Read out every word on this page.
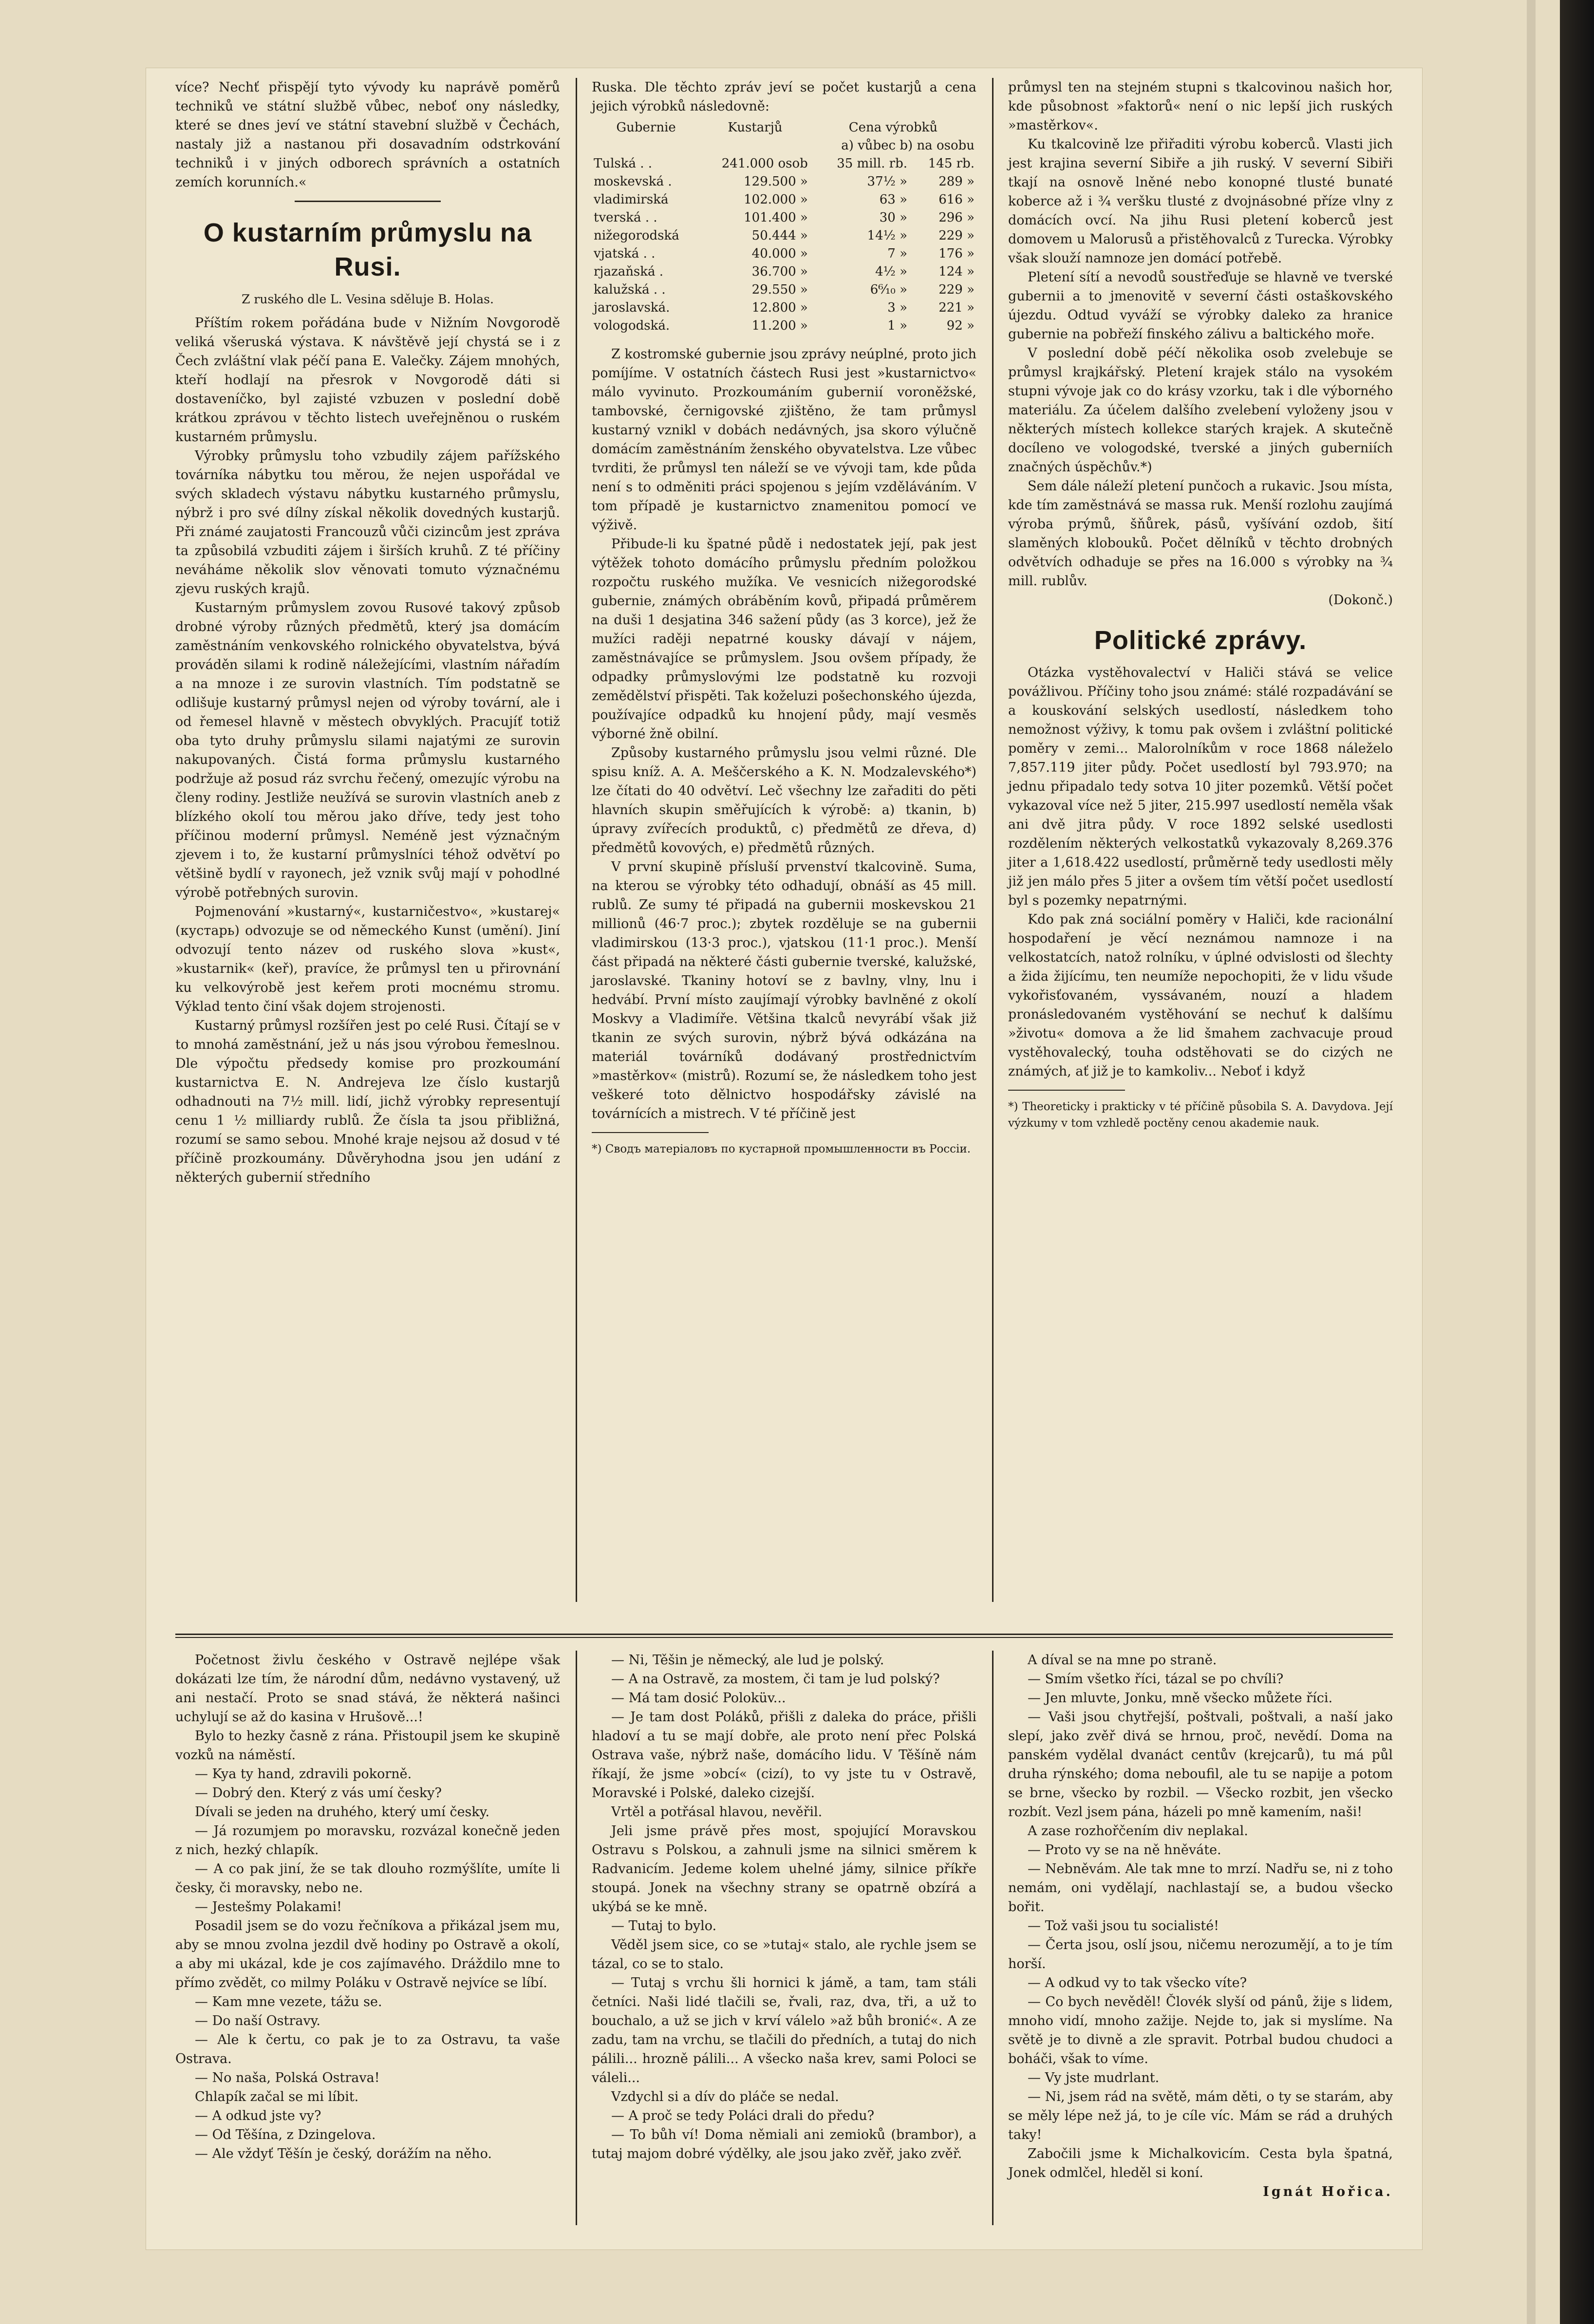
více? Nechť přispějí tyto vývody ku naprávě poměrů techniků ve státní službě vůbec, neboť ony následky, které se dnes jeví ve státní stavební službě v Čechách, nastaly již a nastanou při dosavadním odstrkování techniků i v jiných odborech správních a ostatních zemích korunních.«

O kustarním průmyslu na Rusi.
Z ruského dle L. Vesina sděluje B. Holas.

Příštím rokem pořádána bude v Nižním Novgorodě veliká všeruská výstava. K návštěvě její chystá se i z Čech zvláštní vlak péčí pana E. Valečky. Zájem mnohých, kteří hodlají na přesrok v Novgorodě dáti si dostaveníčko, byl zajisté vzbuzen v poslední době krátkou zprávou v těchto listech uveřejněnou o ruském kustarném průmyslu.

Výrobky průmyslu toho vzbudily zájem pařížského továrníka nábytku tou měrou, že nejen uspořádal ve svých skladech výstavu nábytku kustarného průmyslu, nýbrž i pro své dílny získal několik dovedných kustarjů. Při známé zaujatosti Francouzů vůči cizincům jest zpráva ta způsobilá vzbuditi zájem i širších kruhů. Z té příčiny neváháme několik slov věnovati tomuto význačnému zjevu ruských krajů.

Kustarným průmyslem zovou Rusové takový způsob drobné výroby různých předmětů, který jsa domácím zaměstnáním venkovského rolnického obyvatelstva, bývá prováděn silami k rodině náležejícími, vlastním nářadím a na mnoze i ze surovin vlastních. Tím podstatně se odlišuje kustarný průmysl nejen od výroby tovární, ale i od řemesel hlavně v městech obvyklých. Pracujíť totiž oba tyto druhy průmyslu silami najatými ze surovin nakupovaných. Čistá forma průmyslu kustarného podržuje až posud ráz svrchu řečený, omezujíc výrobu na členy rodiny. Jestliže neužívá se surovin vlastních aneb z blízkého okolí tou měrou jako dříve, tedy jest toho příčinou moderní průmysl. Neméně jest význačným zjevem i to, že kustarní průmyslníci téhož odvětví po většině bydlí v rayonech, jež vznik svůj mají v pohodlné výrobě potřebných surovin.

Pojmenování »kustarný«, kustarničestvo«, »kustarej« (кустарь) odvozuje se od německého Kunst (umění). Jiní odvozují tento název od ruského slova »kust«, »kustarnik« (keř), pravíce, že průmysl ten u přirovnání ku velkovýrobě jest keřem proti mocnému stromu. Výklad tento činí však dojem strojenosti.

Kustarný průmysl rozšířen jest po celé Rusi. Čítají se v to mnohá zaměstnání, jež u nás jsou výrobou řemeslnou. Dle výpočtu předsedy komise pro prozkoumání kustarnictva E. N. Andrejeva lze číslo kustarjů odhadnouti na 7½ mill. lidí, jichž výrobky representují cenu 1 ½ milliardy rublů. Že čísla ta jsou přibližná, rozumí se samo sebou. Mnohé kraje nejsou až dosud v té příčině prozkoumány. Důvěryhodna jsou jen udání z některých gubernií středního

Ruska. Dle těchto zpráv jeví se počet kustarjů a cena jejich výrobků následovně:

Gubernie	Kustarjů	Cena výrobků	
		a) vůbec b) na osobu	
Tulská . .	241.000 osob	35 mill. rb.	145 rb.
moskevská .	129.500 »	37½ »	289 »
vladimirská	102.000 »	63 »	616 »
tverská . .	101.400 »	30 »	296 »
nižegorodská	50.444 »	14½ »	229 »
vjatská . .	40.000 »	7 »	176 »
rjazaňská .	36.700 »	4½ »	124 »
kalužská . .	29.550 »	6⁶⁄₁₀ »	229 »
jaroslavská.	12.800 »	3 »	221 »
vologodská.	11.200 »	1 »	92 »

Z kostromské gubernie jsou zprávy neúplné, proto jich pomíjíme. V ostatních částech Rusi jest »kustarnictvo« málo vyvinuto. Prozkoumáním gubernií voroněžské, tambovské, černigovské zjištěno, že tam průmysl kustarný vznikl v dobách nedávných, jsa skoro výlučně domácím zaměstnáním ženského obyvatelstva. Lze vůbec tvrditi, že průmysl ten náleží se ve vývoji tam, kde půda není s to odměniti práci spojenou s jejím vzděláváním. V tom případě je kustarnictvo znamenitou pomocí ve výživě.

Přibude-li ku špatné půdě i nedostatek její, pak jest výtěžek tohoto domácího průmyslu předním položkou rozpočtu ruského mužíka. Ve vesnicích nižegorodské gubernie, známých obráběním kovů, připadá průměrem na duši 1 desjatina 346 sažení půdy (as 3 korce), jež že mužíci raději nepatrné kousky dávají v nájem, zaměstnávajíce se průmyslem. Jsou ovšem případy, že odpadky průmyslovými lze podstatně ku rozvoji zemědělství přispěti. Tak koželuzi pošechonského újezda, používajíce odpadků ku hnojení půdy, mají vesměs výborné žně obilní.

Způsoby kustarného průmyslu jsou velmi různé. Dle spisu kníž. A. A. Meščerského a K. N. Modzalevského*) lze čítati do 40 odvětví. Leč všechny lze zařaditi do pěti hlavních skupin směřujících k výrobě: a) tkanin, b) úpravy zvířecích produktů, c) předmětů ze dřeva, d) předmětů kovových, e) předmětů různých.

V první skupině přísluší prvenství tkalcovině. Suma, na kterou se výrobky této odhadují, obnáší as 45 mill. rublů. Ze sumy té připadá na gubernii moskevskou 21 millionů (46·7 proc.); zbytek rozděluje se na gubernii vladimirskou (13·3 proc.), vjatskou (11·1 proc.). Menší část připadá na některé části gubernie tverské, kalužské, jaroslavské. Tkaniny hotoví se z bavlny, vlny, lnu i hedvábí. První místo zaujímají výrobky bavlněné z okolí Moskvy a Vladimíře. Většina tkalců nevyrábí však již tkanin ze svých surovin, nýbrž bývá odkázána na materiál továrníků dodávaný prostřednictvím »mastěrkov« (mistrů). Rozumí se, že následkem toho jest veškeré toto dělnictvo hospodářsky závislé na továrnících a mistrech. V té příčině jest

*) Сводъ матеріаловъ по кустарной промышленности въ Россіи.

průmysl ten na stejném stupni s tkalcovinou našich hor, kde působnost »faktorů« není o nic lepší jich ruských »mastěrkov«.

Ku tkalcovině lze přiřaditi výrobu koberců. Vlasti jich jest krajina severní Sibiře a jih ruský. V severní Sibiři tkají na osnově lněné nebo konopné tlusté bunaté koberce až i ¾ veršku tlusté z dvojnásobné příze vlny z domácích ovcí. Na jihu Rusi pletení koberců jest domovem u Malorusů a přistěhovalců z Turecka. Výrobky však slouží namnoze jen domácí potřebě.

Pletení sítí a nevodů soustřeďuje se hlavně ve tverské gubernii a to jmenovitě v severní části ostaškovského újezdu. Odtud vyváží se výrobky daleko za hranice gubernie na pobřeží finského zálivu a baltického moře.

V poslední době péčí několika osob zvelebuje se průmysl krajkářský. Pletení krajek stálo na vysokém stupni vývoje jak co do krásy vzorku, tak i dle výborného materiálu. Za účelem dalšího zvelebení vyloženy jsou v některých místech kollekce starých krajek. A skutečně docíleno ve vologodské, tverské a jiných guberniích značných úspěchův.*)

Sem dále náleží pletení punčoch a rukavic. Jsou místa, kde tím zaměstnává se massa ruk. Menší rozlohu zaujímá výroba prýmů, šňůrek, pásů, vyšívání ozdob, šití slaměných klobouků. Počet dělníků v těchto drobných odvětvích odhaduje se přes na 16.000 s výrobky na ¾ mill. rublův.

(Dokonč.)
Politické zprávy.

Otázka vystěhovalectví v Haliči stává se velice povážlivou. Příčiny toho jsou známé: stálé rozpadávání se a kouskování selských usedlostí, následkem toho nemožnost výživy, k tomu pak ovšem i zvláštní politické poměry v zemi... Malorolníkům v roce 1868 náleželo 7,857.119 jiter půdy. Počet usedlostí byl 793.970; na jednu připadalo tedy sotva 10 jiter pozemků. Větší počet vykazoval více než 5 jiter, 215.997 usedlostí neměla však ani dvě jitra půdy. V roce 1892 selské usedlosti rozdělením některých velkostatků vykazovaly 8,269.376 jiter a 1,618.422 usedlostí, průměrně tedy usedlosti měly již jen málo přes 5 jiter a ovšem tím větší počet usedlostí byl s pozemky nepatrnými.

Kdo pak zná sociální poměry v Haliči, kde racionální hospodaření je věcí neznámou namnoze i na velkostatcích, natož rolníku, v úplné odvislosti od šlechty a žida žijícímu, ten neumíže nepochopiti, že v lidu všude vykořisťovaném, vyssávaném, nouzí a hladem pronásledovaném vystěhování se nechuť k dalšímu »životu« domova a že lid šmahem zachvacuje proud vystěhovalecký, touha odstěhovati se do cizých ne známých, ať již je to kamkoliv... Neboť i když

*) Theoreticky i prakticky v té příčině působila S. A. Davydova. Její výzkumy v tom vzhledě poctěny cenou akademie nauk.

Početnost živlu českého v Ostravě nejlépe však dokázati lze tím, že národní dům, nedávno vystavený, už ani nestačí. Proto se snad stává, že některá našinci uchylují se až do kasina v Hrušově...!

Bylo to hezky časně z rána. Přistoupil jsem ke skupině vozků na náměstí.

— Kya ty hand, zdravili pokorně.

— Dobrý den. Který z vás umí česky?

Dívali se jeden na druhého, který umí česky.

— Já rozumjem po moravsku, rozvázal konečně jeden z nich, hezký chlapík.

— A co pak jiní, že se tak dlouho rozmýšlíte, umíte li česky, či moravsky, nebo ne.

— Jestešmy Polakami!

Posadil jsem se do vozu řečníkova a přikázal jsem mu, aby se mnou zvolna jezdil dvě hodiny po Ostravě a okolí, a aby mi ukázal, kde je cos zajímavého. Dráždilo mne to přímo zvědět, co milmy Poláku v Ostravě nejvíce se líbí.

— Kam mne vezete, tážu se.

— Do naší Ostravy.

— Ale k čertu, co pak je to za Ostravu, ta vaše Ostrava.

— No naša, Polská Ostrava!

Chlapík začal se mi líbit.

— A odkud jste vy?

— Od Těšína, z Dzingelova.

— Ale vždyť Těšín je český, dorážím na něho.

— Ni, Těšin je německý, ale lud je polský.

— A na Ostravě, za mostem, či tam je lud polský?

— Má tam dosić Poloküv...

— Je tam dost Poláků, přišli z daleka do práce, přišli hladoví a tu se mají dobře, ale proto není přec Polská Ostrava vaše, nýbrž naše, domácího lidu. V Těšíně nám říkají, že jsme »obcí« (cizí), to vy jste tu v Ostravě, Moravské i Polské, daleko cizejší.

Vrtěl a potřásal hlavou, nevěřil.

Jeli jsme právě přes most, spojující Moravskou Ostravu s Polskou, a zahnuli jsme na silnici směrem k Radvanicím. Jedeme kolem uhelné jámy, silnice příkře stoupá. Jonek na všechny strany se opatrně obzírá a ukýbá se ke mně.

— Tutaj to bylo.

Věděl jsem sice, co se »tutaj« stalo, ale rychle jsem se tázal, co se to stalo.

— Tutaj s vrchu šli hornici k jámě, a tam, tam stáli četníci. Naši lidé tlačili se, řvali, raz, dva, tři, a už to bouchalo, a už se jich v krví válelo »až bůh bronić«. A ze zadu, tam na vrchu, se tlačili do předních, a tutaj do nich pálili... hrozně pálili... A všecko naša krev, sami Poloci se váleli...

Vzdychl si a dív do pláče se nedal.

— A proč se tedy Poláci drali do předu?

— To bůh ví! Doma němiali ani zemioků (brambor), a tutaj majom dobré výdělky, ale jsou jako zvěř, jako zvěř.

A díval se na mne po straně.

— Smím všetko říci, tázal se po chvíli?

— Jen mluvte, Jonku, mně všecko můžete říci.

— Vaši jsou chytřejší, poštvali, poštvali, a naší jako slepí, jako zvěř divá se hrnou, proč, nevědí. Doma na panském vydělal dvanáct centův (krejcarů), tu má půl druha rýnského; doma neboufil, ale tu se napije a potom se brne, všecko by rozbil. — Všecko rozbit, jen všecko rozbít. Vezl jsem pána, házeli po mně kamením, naši!

A zase rozhořčením div neplakal.

— Proto vy se na ně hněváte.

— Nebněvám. Ale tak mne to mrzí. Nadřu se, ni z toho nemám, oni vydělají, nachlastají se, a budou všecko bořit.

— Tož vaši jsou tu socialisté!

— Čerta jsou, oslí jsou, ničemu nerozumějí, a to je tím horší.

— A odkud vy to tak všecko víte?

— Co bych nevěděl! Človék slyší od pánů, žije s lidem, mnoho vidí, mnoho zažije. Nejde to, jak si myslíme. Na světě je to divně a zle spravit. Potrbal budou chudoci a boháči, však to víme.

— Vy jste mudrlant.

— Ni, jsem rád na světě, mám děti, o ty se starám, aby se měly lépe než já, to je cíle víc. Mám se rád a druhých taky!

Zabočili jsme k Michalkovicím. Cesta byla špatná, Jonek odmlčel, hleděl si koní.

Ignát Hořica.
